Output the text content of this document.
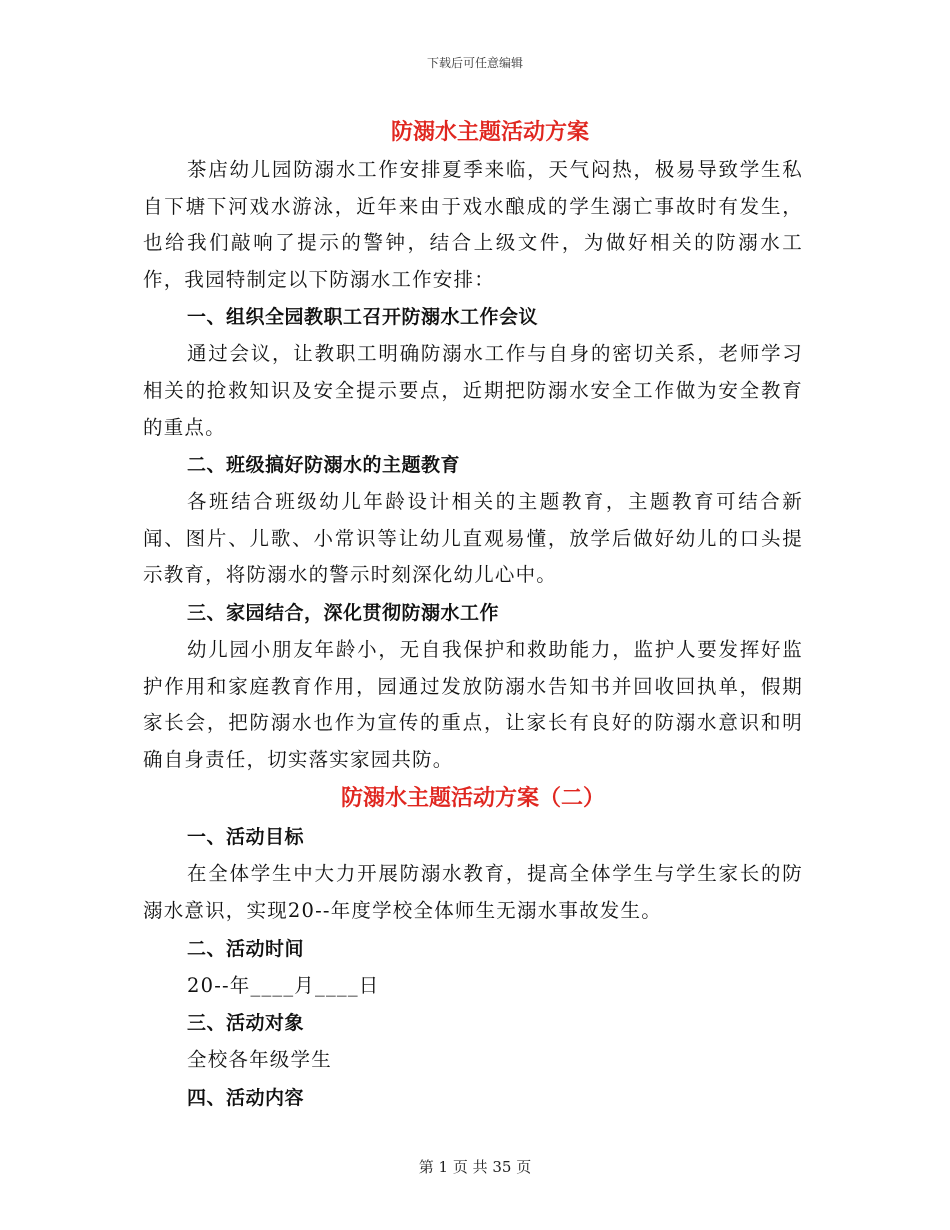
下载后可任意编辑
防溺水主题活动方案

茶店幼儿园防溺水工作安排夏季来临，天气闷热，极易导致学生私自下塘下河戏水游泳，近年来由于戏水酿成的学生溺亡事故时有发生，也给我们敲响了提示的警钟，结合上级文件，为做好相关的防溺水工作，我园特制定以下防溺水工作安排：

一、组织全园教职工召开防溺水工作会议

通过会议，让教职工明确防溺水工作与自身的密切关系，老师学习相关的抢救知识及安全提示要点，近期把防溺水安全工作做为安全教育的重点。

二、班级搞好防溺水的主题教育

各班结合班级幼儿年龄设计相关的主题教育，主题教育可结合新闻、图片、儿歌、小常识等让幼儿直观易懂，放学后做好幼儿的口头提示教育，将防溺水的警示时刻深化幼儿心中。

三、家园结合，深化贯彻防溺水工作

幼儿园小朋友年龄小，无自我保护和救助能力，监护人要发挥好监护作用和家庭教育作用，园通过发放防溺水告知书并回收回执单，假期家长会，把防溺水也作为宣传的重点，让家长有良好的防溺水意识和明确自身责任，切实落实家园共防。

防溺水主题活动方案（二）

一、活动目标

在全体学生中大力开展防溺水教育，提高全体学生与学生家长的防溺水意识，实现20--年度学校全体师生无溺水事故发生。

二、活动时间

20--年____月____日

三、活动对象

全校各年级学生

四、活动内容

第 1 页 共 35 页
